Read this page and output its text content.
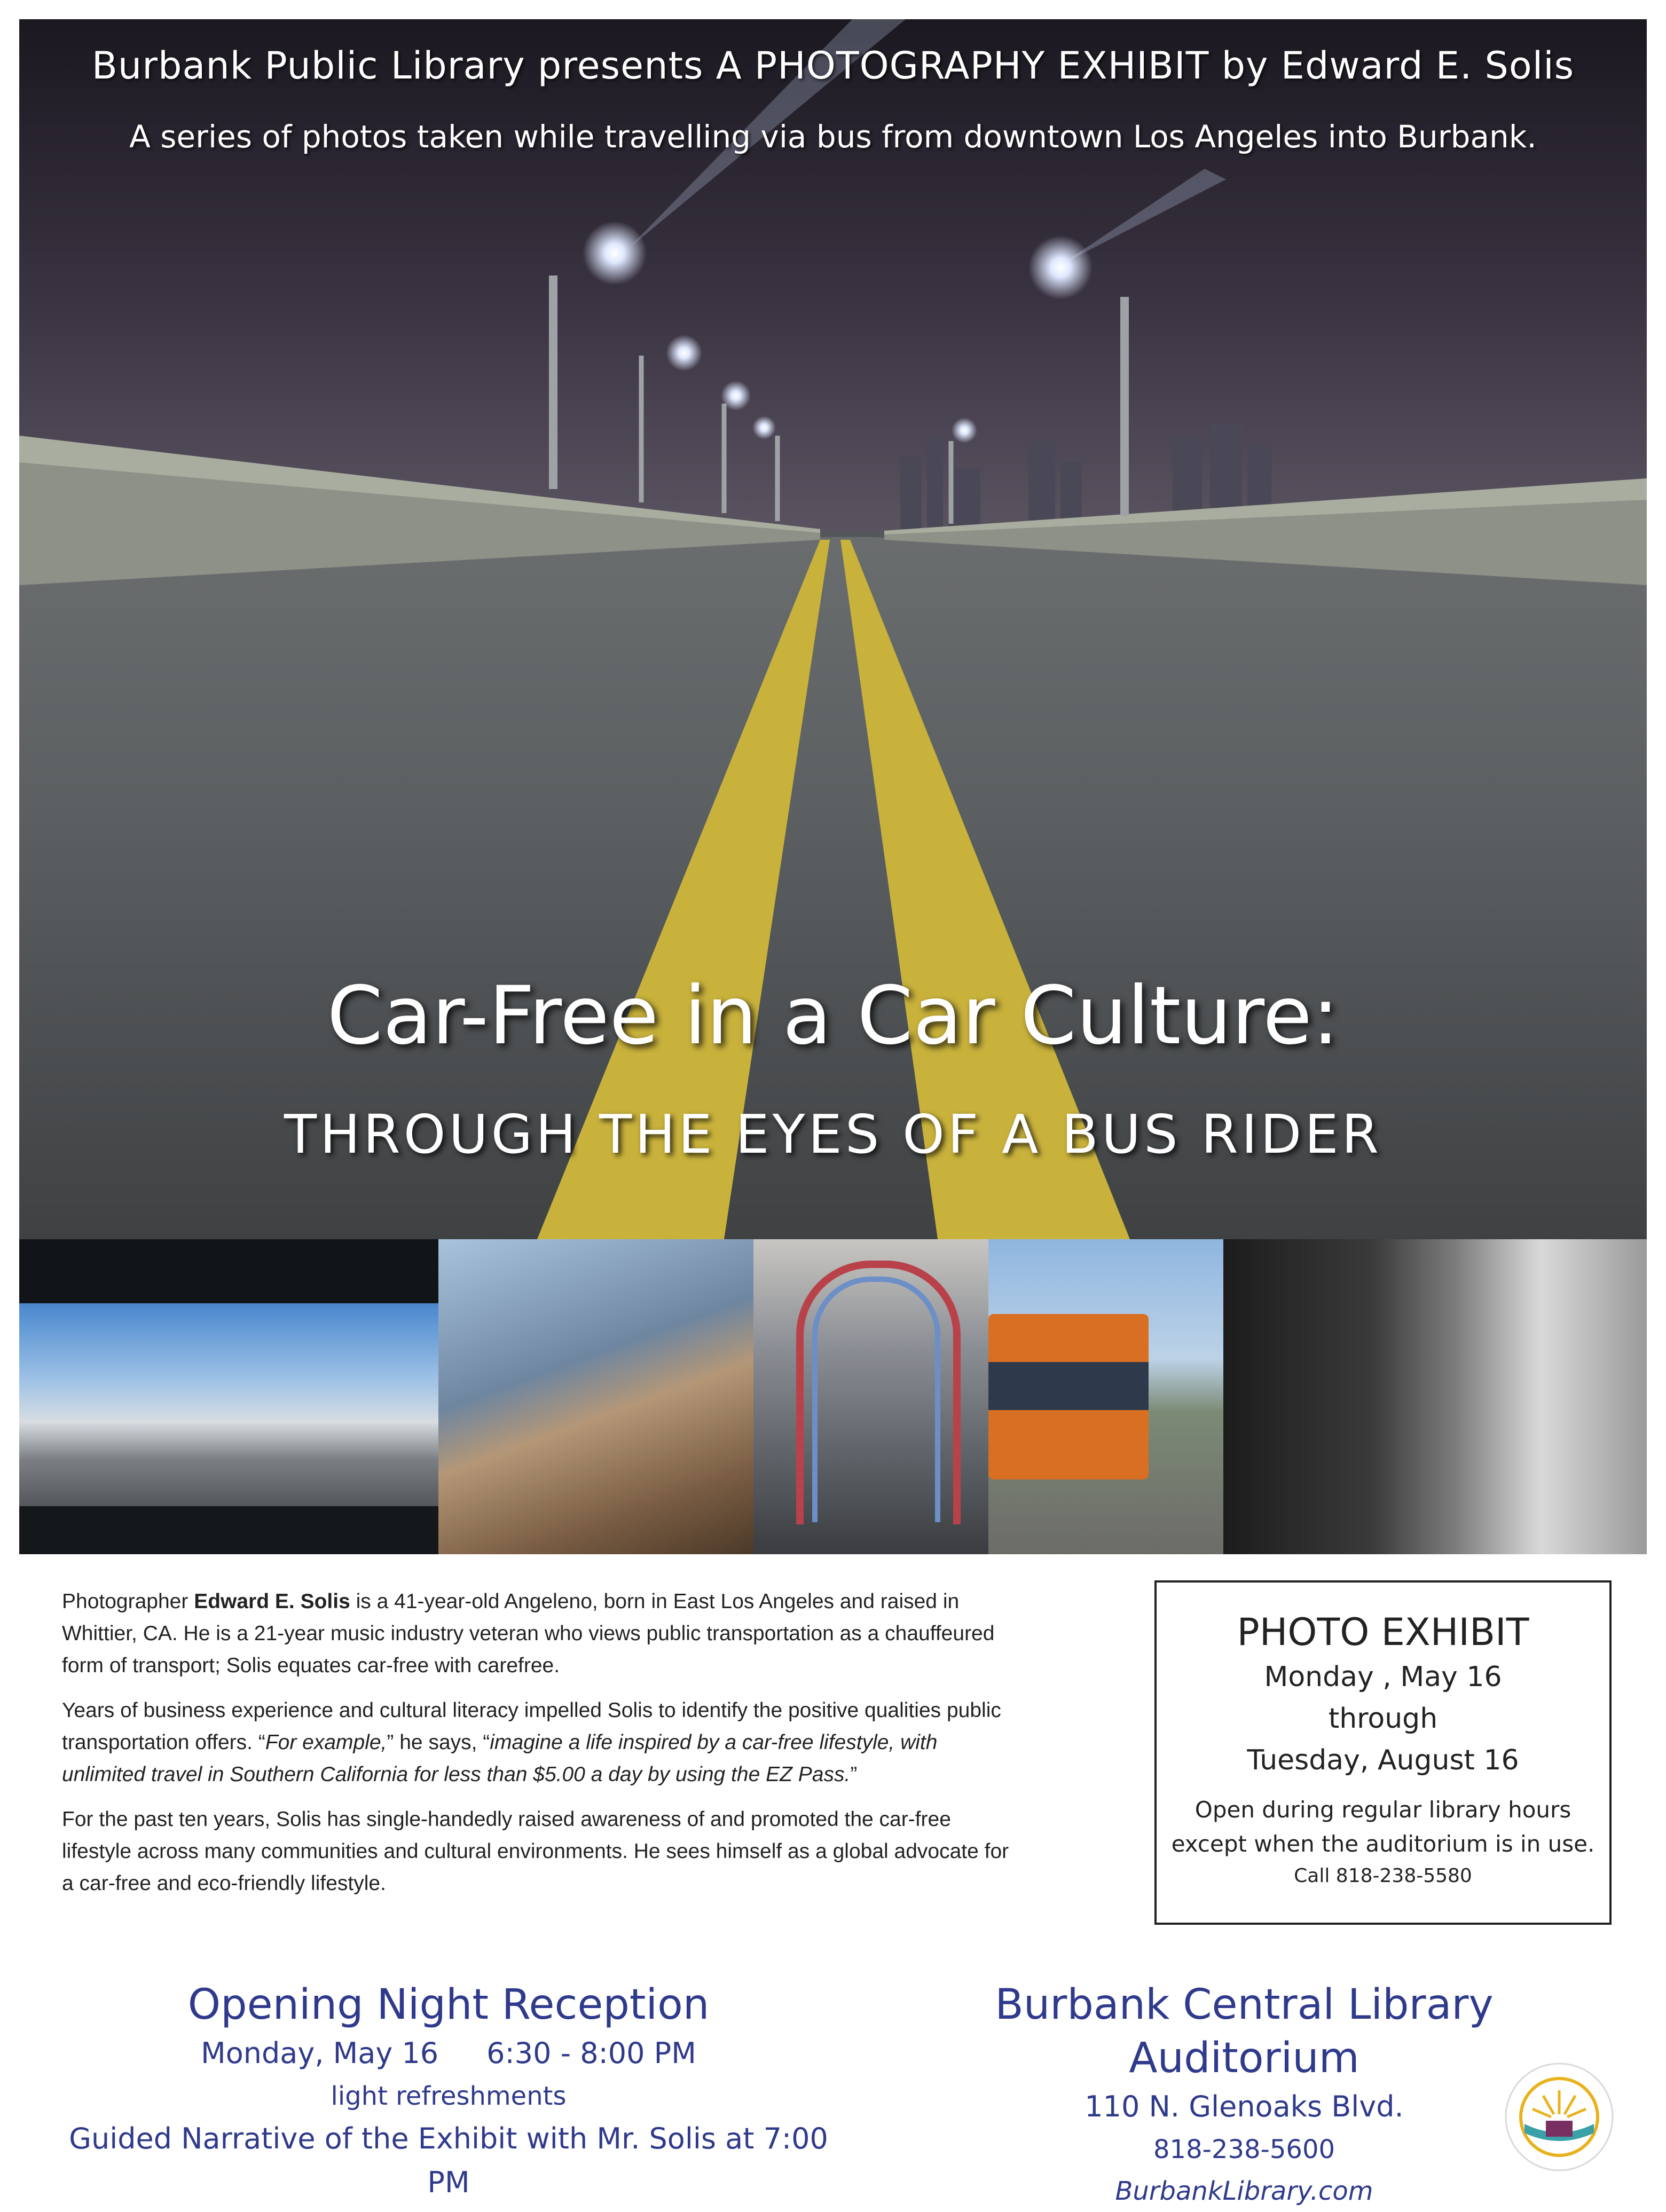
Burbank Public Library presents A PHOTOGRAPHY EXHIBIT by Edward E. Solis
A series of photos taken while travelling via bus from downtown Los Angeles into Burbank.
Car-Free in a Car Culture:
THROUGH THE EYES OF A BUS RIDER

Photographer Edward E. Solis is a 41-year-old Angeleno, born in East Los Angeles and raised in Whittier, CA. He is a 21-year music industry veteran who views public transportation as a chauffeured form of transport; Solis equates car-free with carefree.

Years of business experience and cultural literacy impelled Solis to identify the positive qualities public transportation offers. “For example,” he says, “imagine a life inspired by a car-free lifestyle, with unlimited travel in Southern California for less than $5.00 a day by using the EZ Pass.”

For the past ten years, Solis has single-handedly raised awareness of and promoted the car-free lifestyle across many communities and cultural environments. He sees himself as a global advocate for a car-free and eco-friendly lifestyle.

PHOTO EXHIBIT
Monday , May 16
through
Tuesday, August 16
Open during regular library hours except when the auditorium is in use.
Call 818-238-5580
Opening Night Reception
Monday, May 16 6:30 - 8:00 PM
light refreshments
Guided Narrative of the Exhibit with Mr. Solis at 7:00 PM
Burbank Central Library Auditorium
110 N. Glenoaks Blvd.
818-238-5600
BurbankLibrary.com
